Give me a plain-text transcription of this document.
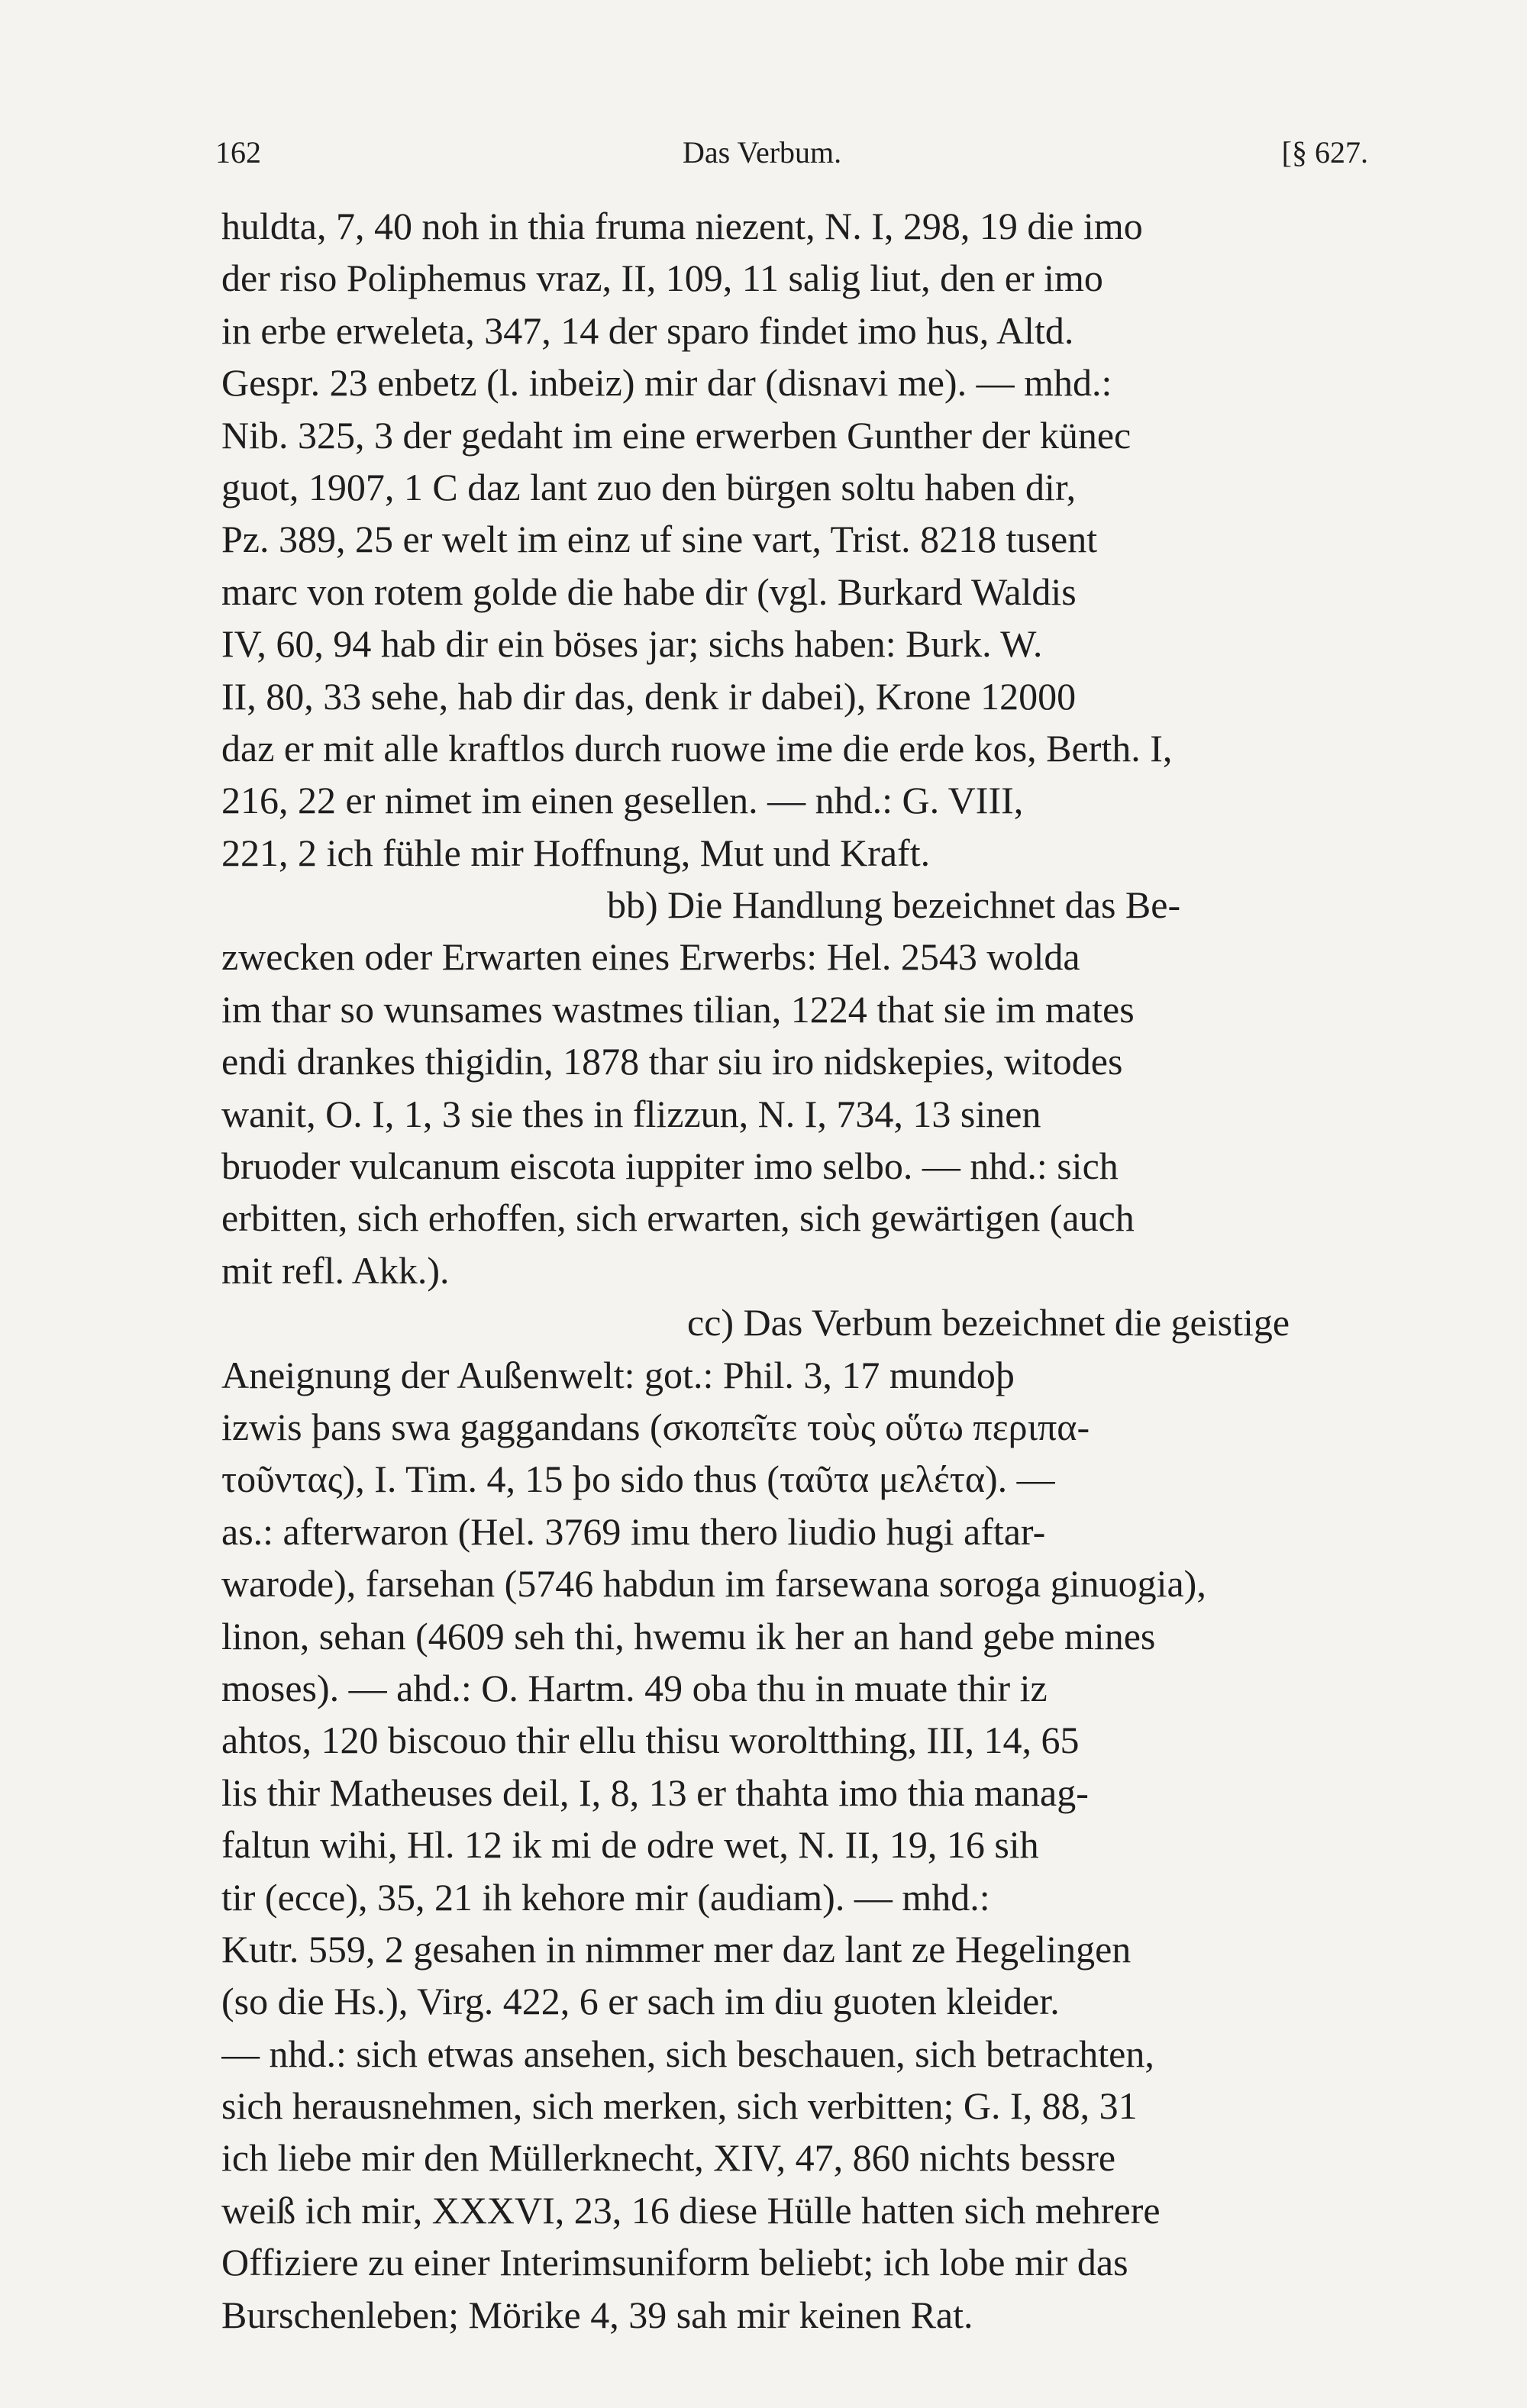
162	Das Verbum.	[§ 627.
huldta, 7, 40 noh in thia fruma niezent, N. I, 298, 19 die imo
der riso Poliphemus vraz, II, 109, 11 salig liut, den er imo
in erbe erweleta, 347, 14 der sparo findet imo hus, Altd.
Gespr. 23 enbetz (l. inbeiz) mir dar (disnavi me). — mhd.:
Nib. 325, 3 der gedaht im eine erwerben Gunther der künec
guot, 1907, 1 C daz lant zuo den bürgen soltu haben dir,
Pz. 389, 25 er welt im einz uf sine vart, Trist. 8218 tusent
marc von rotem golde die habe dir (vgl. Burkard Waldis
IV, 60, 94 hab dir ein böses jar; sichs haben: Burk. W.
II, 80, 33 sehe, hab dir das, denk ir dabei), Krone 12000
daz er mit alle kraftlos durch ruowe ime die erde kos, Berth. I,
216, 22 er nimet im einen gesellen. — nhd.: G. VIII,
221, 2 ich fühle mir Hoffnung, Mut und Kraft.
bb) Die Handlung bezeichnet das Be-
zwecken oder Erwarten eines Erwerbs: Hel. 2543 wolda
im thar so wunsames wastmes tilian, 1224 that sie im mates
endi drankes thigidin, 1878 thar siu iro nidskepies, witodes
wanit, O. I, 1, 3 sie thes in flizzun, N. I, 734, 13 sinen
bruoder vulcanum eiscota iuppiter imo selbo. — nhd.: sich
erbitten, sich erhoffen, sich erwarten, sich gewärtigen (auch
mit refl. Akk.).
cc) Das Verbum bezeichnet die geistige
Aneignung der Außenwelt: got.: Phil. 3, 17 mundoþ
izwis þans swa gaggandans (σκοπεῖτε τοὺς οὕτω περιπα-
τοῦντας), I. Tim. 4, 15 þo sido thus (ταῦτα μελέτα). —
as.: afterwaron (Hel. 3769 imu thero liudio hugi aftar-
warode), farsehan (5746 habdun im farsewana soroga ginuogia),
linon, sehan (4609 seh thi, hwemu ik her an hand gebe mines
moses). — ahd.: O. Hartm. 49 oba thu in muate thir iz
ahtos, 120 biscouo thir ellu thisu woroltthing, III, 14, 65
lis thir Matheuses deil, I, 8, 13 er thahta imo thia manag-
faltun wihi, Hl. 12 ik mi de odre wet, N. II, 19, 16 sih
tir (ecce), 35, 21 ih kehore mir (audiam). — mhd.:
Kutr. 559, 2 gesahen in nimmer mer daz lant ze Hegelingen
(so die Hs.), Virg. 422, 6 er sach im diu guoten kleider.
— nhd.: sich etwas ansehen, sich beschauen, sich betrachten,
sich herausnehmen, sich merken, sich verbitten; G. I, 88, 31
ich liebe mir den Müllerknecht, XIV, 47, 860 nichts bessre
weiß ich mir, XXXVI, 23, 16 diese Hülle hatten sich mehrere
Offiziere zu einer Interimsuniform beliebt; ich lobe mir das
Burschenleben; Mörike 4, 39 sah mir keinen Rat.
